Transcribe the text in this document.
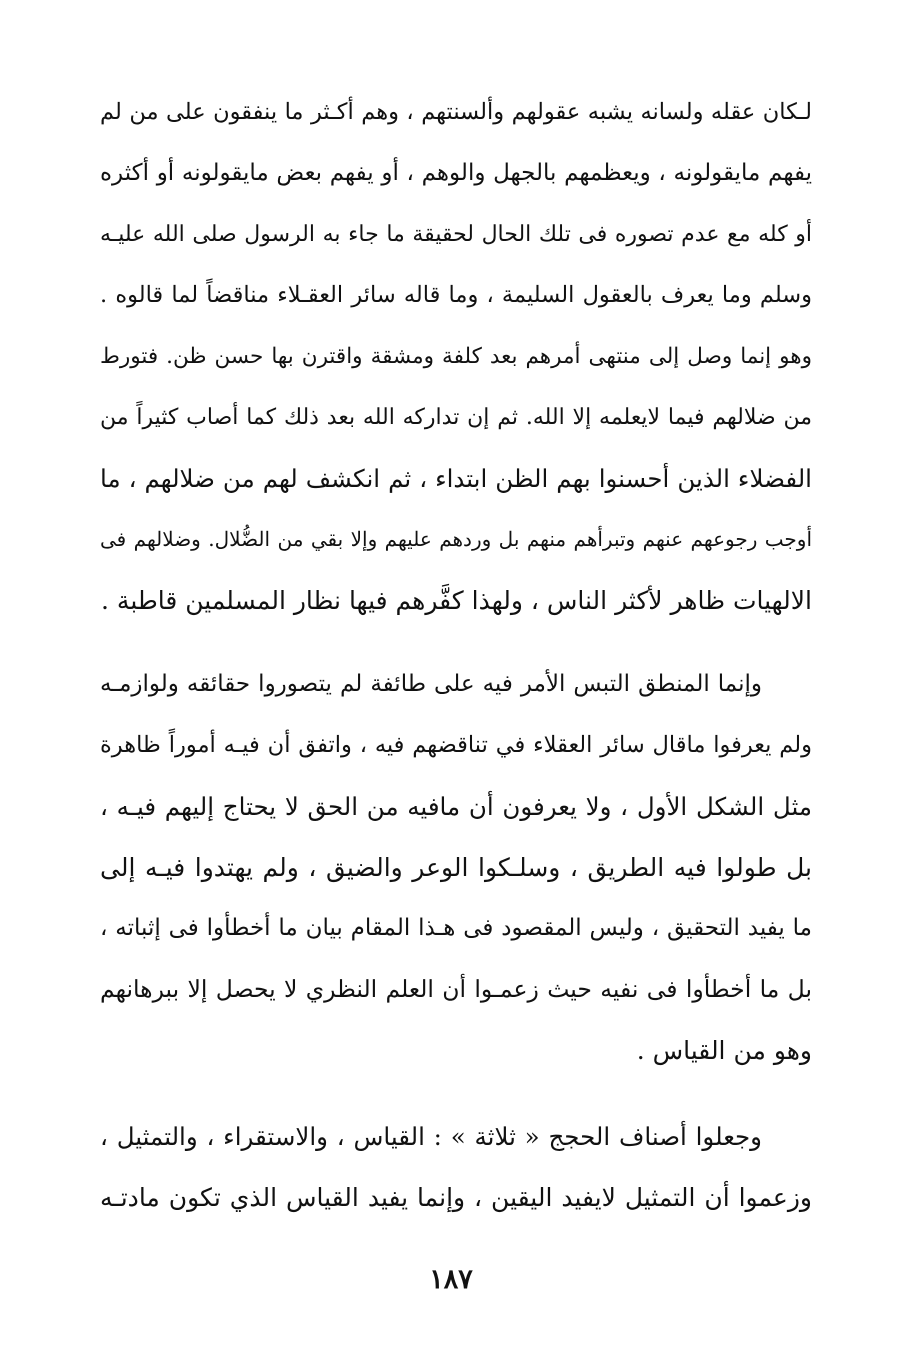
لـكان عقله ولسانه يشبه عقولهم وألسنتهم ، وهم أكـثر ما ينفقون على من لم
يفهم مايقولونه ، ويعظمهم بالجهل والوهم ، أو يفهم بعض مايقولونه أو أكثره
أو كله مع عدم تصوره فى تلك الحال لحقيقة ما جاء به الرسول صلى الله عليـه
وسلم وما يعرف بالعقول السليمة ، وما قاله سائر العقـلاء مناقضاً لما قالوه .
وهو إنما وصل إلى منتهى أمرهم بعد كلفة ومشقة واقترن بها حسن ظن. فتورط
من ضلالهم فيما لايعلمه إلا الله. ثم إن تداركه الله بعد ذلك كما أصاب كثيراً من
الفضلاء الذين أحسنوا بهم الظن ابتداء ، ثم انكشف لهم من ضلالهم ، ما
أوجب رجوعهم عنهم وتبرأهم منهم بل وردهم عليهم وإلا بقي من الضُّلال. وضلالهم فى
الالهيات ظاهر لأكثر الناس ، ولهذا كفَّرهم فيها نظار المسلمين قاطبة .
وإنما المنطق التبس الأمر فيه على طائفة لم يتصوروا حقائقه ولوازمـه
ولم يعرفوا ماقال سائر العقلاء في تناقضهم فيه ، واتفق أن فيـه أموراً ظاهرة
مثل الشكل الأول ، ولا يعرفون أن مافيه من الحق لا يحتاج إليهم فيـه ،
بل طولوا فيه الطريق ، وسلـكوا الوعر والضيق ، ولم يهتدوا فيـه إلى
ما يفيد التحقيق ، وليس المقصود فى هـذا المقام بيان ما أخطأوا فى إثباته ،
بل ما أخطأوا فى نفيه حيث زعمـوا أن العلم النظري لا يحصل إلا ببرهانهم
وهو من القياس .
وجعلوا أصناف الحجج « ثلاثة » : القياس ، والاستقراء ، والتمثيل ،
وزعموا أن التمثيل لايفيد اليقين ، وإنما يفيد القياس الذي تكون مادتـه
١٨٧
